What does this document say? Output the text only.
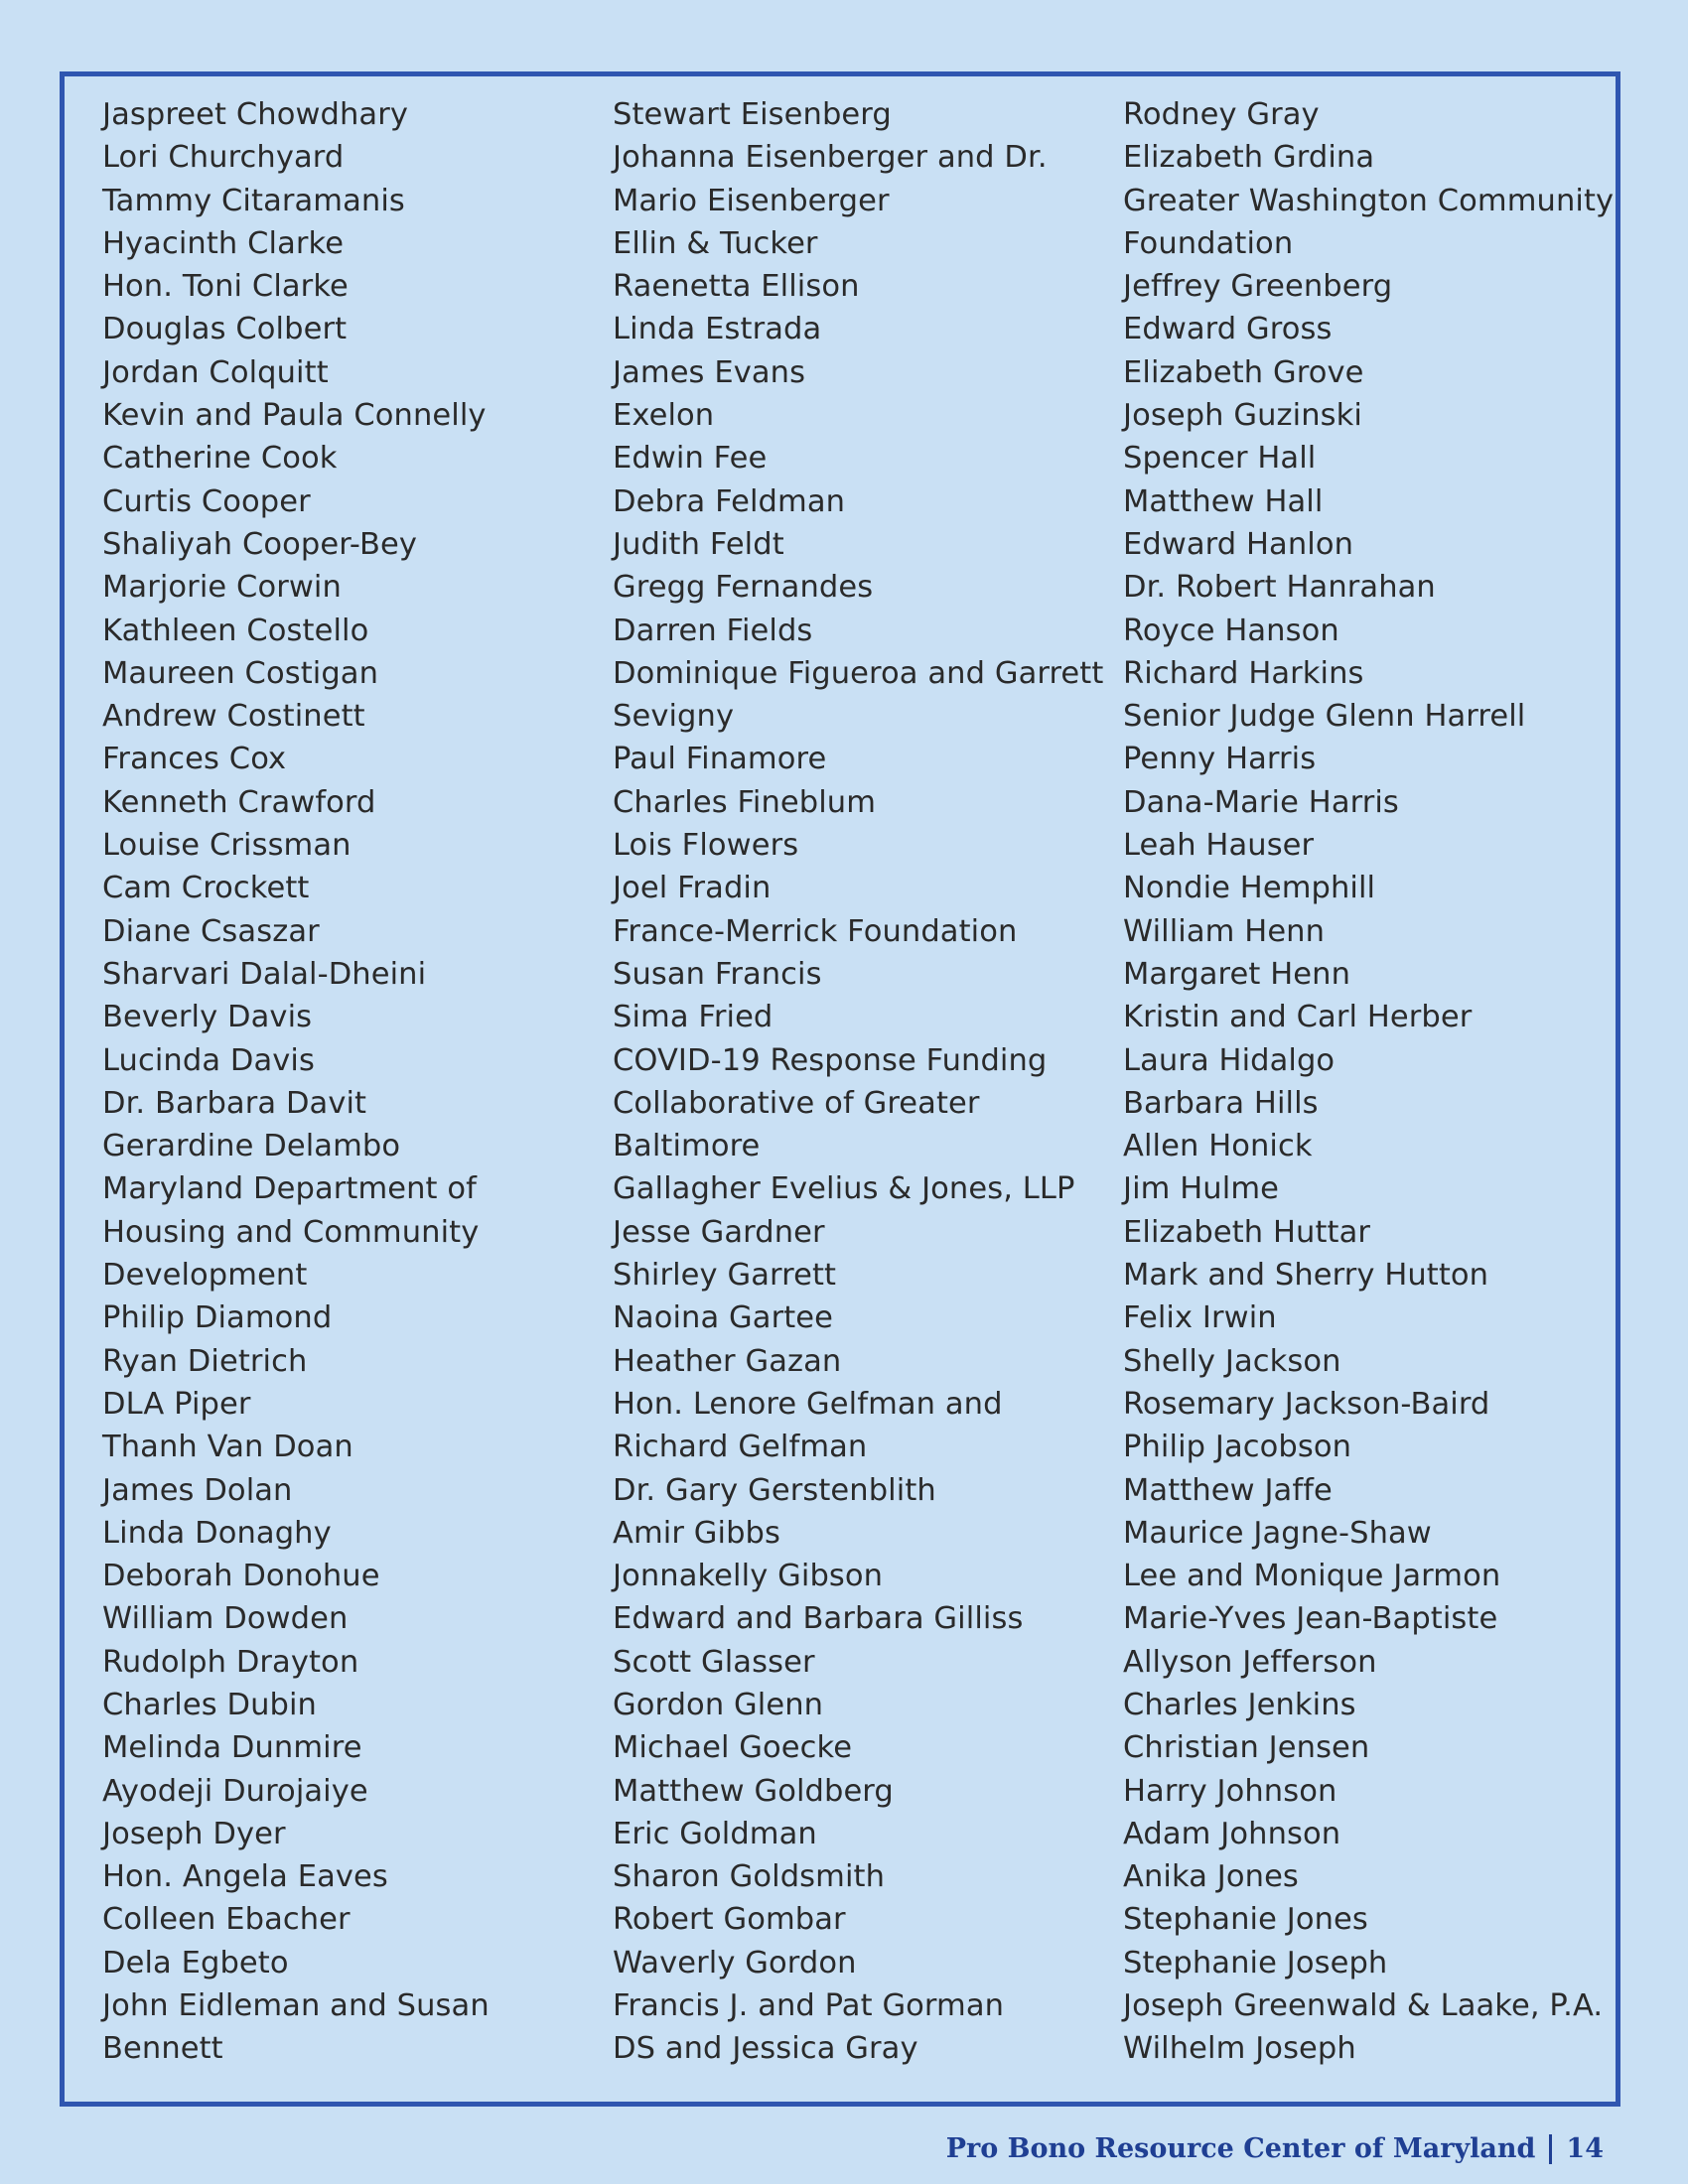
Jaspreet Chowdhary
Lori Churchyard
Tammy Citaramanis
Hyacinth Clarke
Hon. Toni Clarke
Douglas Colbert
Jordan Colquitt
Kevin and Paula Connelly
Catherine Cook
Curtis Cooper
Shaliyah Cooper-Bey
Marjorie Corwin
Kathleen Costello
Maureen Costigan
Andrew Costinett
Frances Cox
Kenneth Crawford
Louise Crissman
Cam Crockett
Diane Csaszar
Sharvari Dalal-Dheini
Beverly Davis
Lucinda Davis
Dr. Barbara Davit
Gerardine Delambo
Maryland Department of
Housing and Community
Development
Philip Diamond
Ryan Dietrich
DLA Piper
Thanh Van Doan
James Dolan
Linda Donaghy
Deborah Donohue
William Dowden
Rudolph Drayton
Charles Dubin
Melinda Dunmire
Ayodeji Durojaiye
Joseph Dyer
Hon. Angela Eaves
Colleen Ebacher
Dela Egbeto
John Eidleman and Susan
Bennett
Stewart Eisenberg
Johanna Eisenberger and Dr.
Mario Eisenberger
Ellin & Tucker
Raenetta Ellison
Linda Estrada
James Evans
Exelon
Edwin Fee
Debra Feldman
Judith Feldt
Gregg Fernandes
Darren Fields
Dominique Figueroa and Garrett
Sevigny
Paul Finamore
Charles Fineblum
Lois Flowers
Joel Fradin
France-Merrick Foundation
Susan Francis
Sima Fried
COVID-19 Response Funding
Collaborative of Greater
Baltimore
Gallagher Evelius & Jones, LLP
Jesse Gardner
Shirley Garrett
Naoina Gartee
Heather Gazan
Hon. Lenore Gelfman and
Richard Gelfman
Dr. Gary Gerstenblith
Amir Gibbs
Jonnakelly Gibson
Edward and Barbara Gilliss
Scott Glasser
Gordon Glenn
Michael Goecke
Matthew Goldberg
Eric Goldman
Sharon Goldsmith
Robert Gombar
Waverly Gordon
Francis J. and Pat Gorman
DS and Jessica Gray
Rodney Gray
Elizabeth Grdina
Greater Washington Community
Foundation
Jeffrey Greenberg
Edward Gross
Elizabeth Grove
Joseph Guzinski
Spencer Hall
Matthew Hall
Edward Hanlon
Dr. Robert Hanrahan
Royce Hanson
Richard Harkins
Senior Judge Glenn Harrell
Penny Harris
Dana-Marie Harris
Leah Hauser
Nondie Hemphill
William Henn
Margaret Henn
Kristin and Carl Herber
Laura Hidalgo
Barbara Hills
Allen Honick
Jim Hulme
Elizabeth Huttar
Mark and Sherry Hutton
Felix Irwin
Shelly Jackson
Rosemary Jackson-Baird
Philip Jacobson
Matthew Jaffe
Maurice Jagne-Shaw
Lee and Monique Jarmon
Marie-Yves Jean-Baptiste
Allyson Jefferson
Charles Jenkins
Christian Jensen
Harry Johnson
Adam Johnson
Anika Jones
Stephanie Jones
Stephanie Joseph
Joseph Greenwald & Laake, P.A.
Wilhelm Joseph
Pro Bono Resource Center of Maryland 14
